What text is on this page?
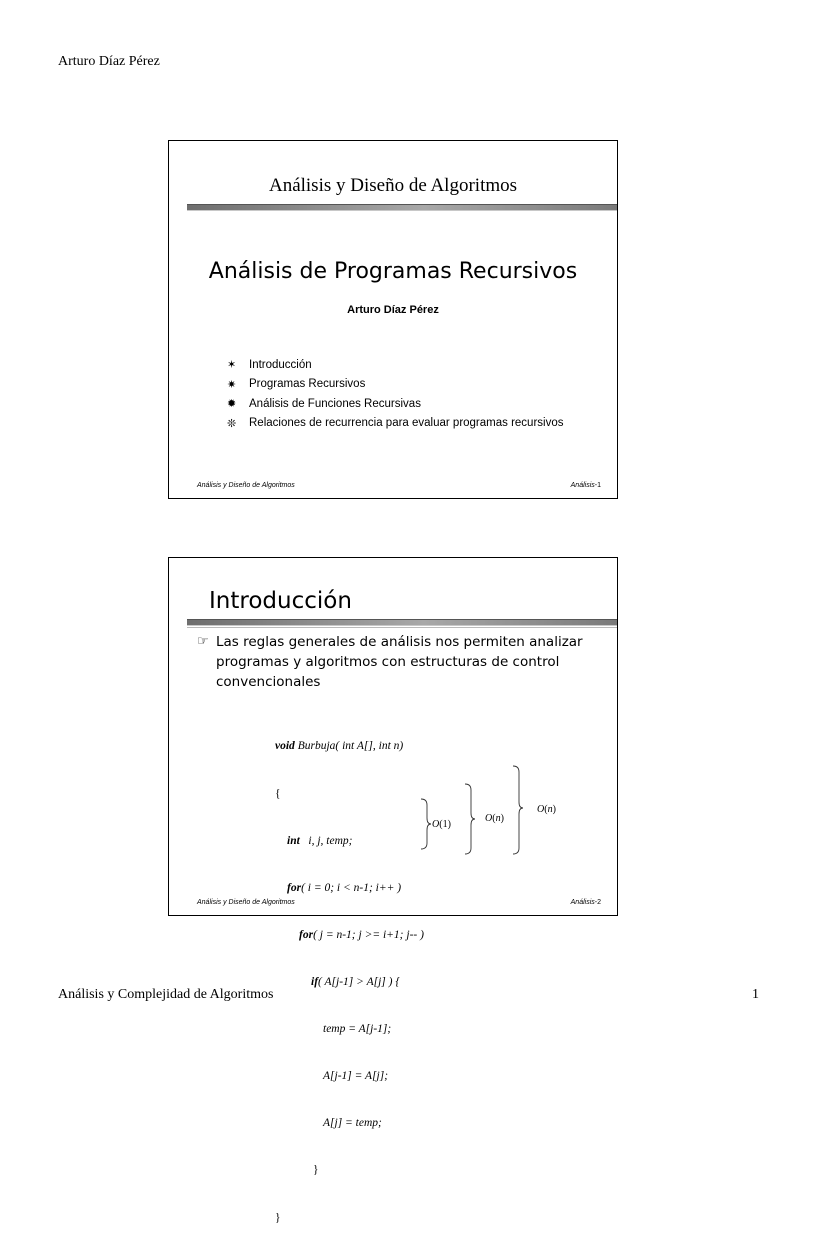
Arturo Díaz Pérez
Análisis y Diseño de Algoritmos
Análisis de Programas Recursivos
Arturo Díaz Pérez
✶	Introducción
✷	Programas Recursivos
✹	Análisis de Funciones Recursivas
❊	Relaciones de recurrencia para evaluar programas recursivos
Análisis y Diseño de Algoritmos	Análisis-1
Introducción
☞ Las reglas generales de análisis nos permiten analizar programas y algoritmos con estructuras de control convencionales

void Burbuja( int A[], int n)

{

int   i, j, temp;

for( i = 0; i < n-1; i++ )

for( j = n-1; j >= i+1; j-- )

if( A[j-1] > A[j] ) {

temp = A[j-1];

A[j-1] = A[j];

A[j] = temp;

}

}

O(1)
O(n)
O(n)
Análisis y Diseño de Algoritmos	Análisis-2
Análisis y Complejidad de Algoritmos	1
